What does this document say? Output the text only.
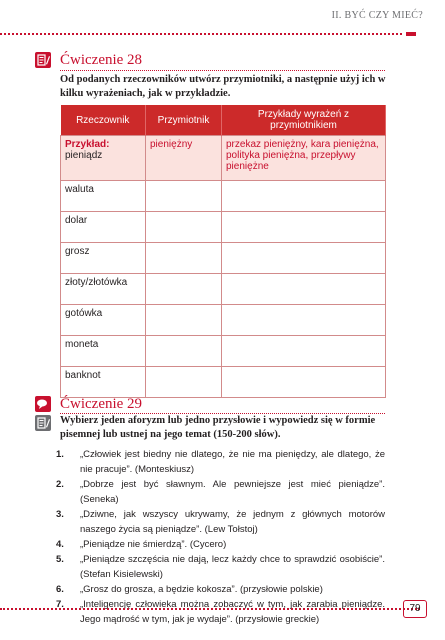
II. BYĆ CZY MIEĆ?
Ćwiczenie 28
Od podanych rzeczowników utwórz przymiotniki, a następnie użyj ich w kilku wyrażeniach, jak w przykładzie.
Rzeczownik	Przymiotnik	Przykłady wyrażeń z przymiotnikiem
Przykład: pieniądz	pieniężny	przekaz pieniężny, kara pieniężna, polityka pieniężna, przepływy pieniężne
waluta		
dolar		
grosz		
złoty/złotówka		
gotówka		
moneta		
banknot		
Ćwiczenie 29
Wybierz jeden aforyzm lub jedno przysłowie i wypowiedz się w formie pisemnej lub ustnej na jego temat (150-200 słów).
1. „Człowiek jest biedny nie dlatego, że nie ma pieniędzy, ale dlatego, że nie pracuje”. (Monteskiusz)
2. „Dobrze jest być sławnym. Ale pewniejsze jest mieć pieniądze”. (Seneka)
3. „Dziwne, jak wszyscy ukrywamy, że jednym z głównych motorów naszego życia są pieniądze”. (Lew Tołstoj)
4. „Pieniądze nie śmierdzą”. (Cycero)
5. „Pieniądze szczęścia nie dają, lecz każdy chce to sprawdzić osobiście”. (Stefan Kisielewski)
6. „Grosz do grosza, a będzie kokosza”. (przysłowie polskie)
7. „Inteligencję człowieka można zobaczyć w tym, jak zarabia pieniądze. Jego mądrość w tym, jak je wydaje”. (przysłowie greckie)
79
